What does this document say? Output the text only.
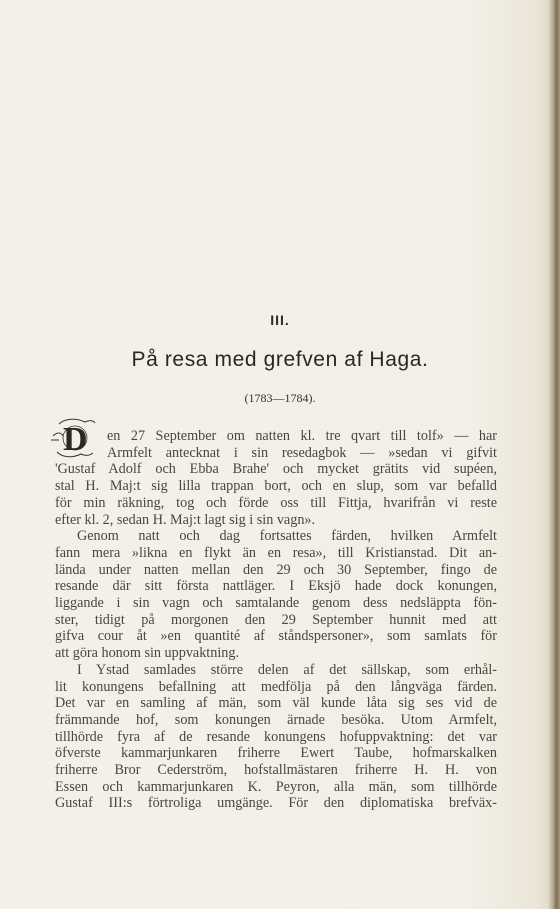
III.
På resa med grefven af Haga.
(1783—1784).
D en 27 September om natten kl. tre qvart till tolf» — har
Armfelt antecknat i sin resedagbok — »sedan vi gifvit
'Gustaf Adolf och Ebba Brahe' och mycket grätits vid supéen,
stal H. Maj:t sig lilla trappan bort, och en slup, som var befalld
för min räkning, tog och förde oss till Fittja, hvarifrån vi reste
efter kl. 2, sedan H. Maj:t lagt sig i sin vagn».
Genom natt och dag fortsattes färden, hvilken Armfelt
fann mera »likna en flykt än en resa», till Kristianstad. Dit an-
lända under natten mellan den 29 och 30 September, fingo de
resande där sitt första nattläger. I Eksjö hade dock konungen,
liggande i sin vagn och samtalande genom dess nedsläppta fön-
ster, tidigt på morgonen den 29 September hunnit med att
gifva cour åt »en quantité af ståndspersoner», som samlats för
att göra honom sin uppvaktning.
I Ystad samlades större delen af det sällskap, som erhål-
lit konungens befallning att medfölja på den långväga färden.
Det var en samling af män, som väl kunde låta sig ses vid de
främmande hof, som konungen ärnade besöka. Utom Armfelt,
tillhörde fyra af de resande konungens hofuppvaktning: det var
öfverste kammarjunkaren friherre Ewert Taube, hofmarskalken
friherre Bror Cederström, hofstallmästaren friherre H. H. von
Essen och kammarjunkaren K. Peyron, alla män, som tillhörde
Gustaf III:s förtroliga umgänge. För den diplomatiska brefväx-
